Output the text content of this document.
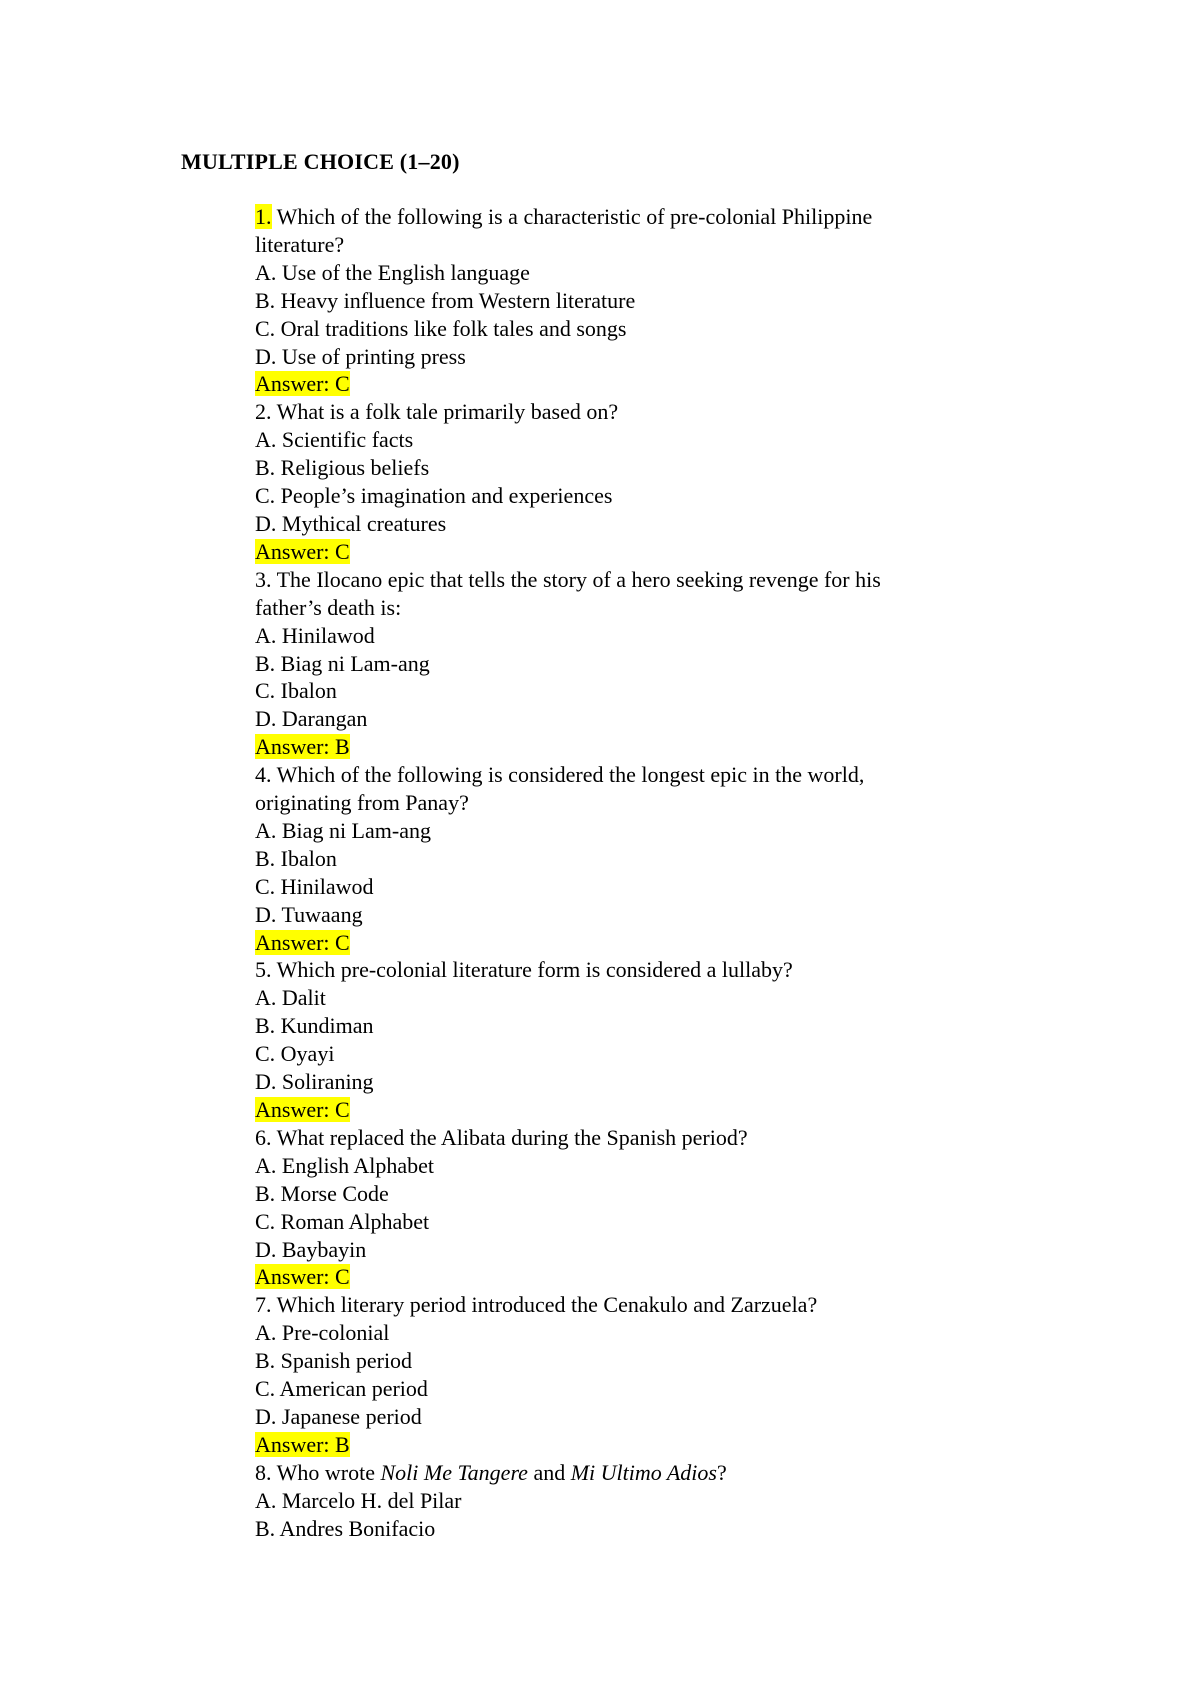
MULTIPLE CHOICE (1–20)
1. Which of the following is a characteristic of pre-colonial Philippine
literature?
A. Use of the English language
B. Heavy influence from Western literature
C. Oral traditions like folk tales and songs
D. Use of printing press
Answer: C
2. What is a folk tale primarily based on?
A. Scientific facts
B. Religious beliefs
C. People’s imagination and experiences
D. Mythical creatures
Answer: C
3. The Ilocano epic that tells the story of a hero seeking revenge for his
father’s death is:
A. Hinilawod
B. Biag ni Lam-ang
C. Ibalon
D. Darangan
Answer: B
4. Which of the following is considered the longest epic in the world,
originating from Panay?
A. Biag ni Lam-ang
B. Ibalon
C. Hinilawod
D. Tuwaang
Answer: C
5. Which pre-colonial literature form is considered a lullaby?
A. Dalit
B. Kundiman
C. Oyayi
D. Soliraning
Answer: C
6. What replaced the Alibata during the Spanish period?
A. English Alphabet
B. Morse Code
C. Roman Alphabet
D. Baybayin
Answer: C
7. Which literary period introduced the Cenakulo and Zarzuela?
A. Pre-colonial
B. Spanish period
C. American period
D. Japanese period
Answer: B
8. Who wrote Noli Me Tangere and Mi Ultimo Adios?
A. Marcelo H. del Pilar
B. Andres Bonifacio
